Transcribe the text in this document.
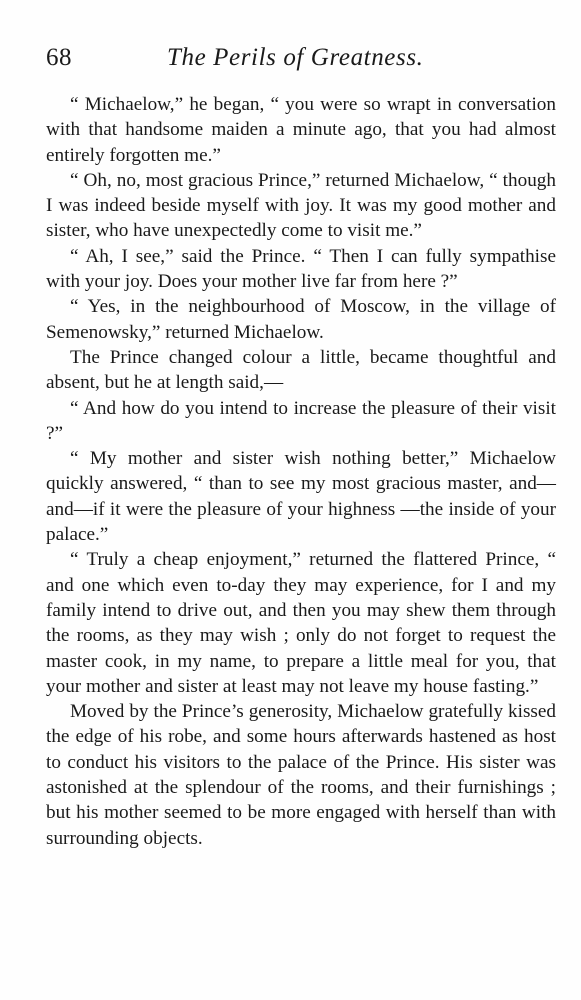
68	The Perils of Greatness.

“ Michaelow,” he began, “ you were so wrapt in conversation with that handsome maiden a minute ago, that you had almost entirely forgotten me.”

“ Oh, no, most gracious Prince,” returned Michaelow, “ though I was indeed beside myself with joy. It was my good mother and sister, who have unexpectedly come to visit me.”

“ Ah, I see,” said the Prince. “ Then I can fully sympathise with your joy. Does your mother live far from here ?”

“ Yes, in the neighbourhood of Moscow, in the village of Semenowsky,” returned Michaelow.

The Prince changed colour a little, became thoughtful and absent, but he at length said,—

“ And how do you intend to increase the pleasure of their visit ?”

“ My mother and sister wish nothing better,” Michaelow quickly answered, “ than to see my most gracious master, and—and—if it were the pleasure of your highness —the inside of your palace.”

“ Truly a cheap enjoyment,” returned the flattered Prince, “ and one which even to-day they may experience, for I and my family intend to drive out, and then you may shew them through the rooms, as they may wish ; only do not forget to request the master cook, in my name, to prepare a little meal for you, that your mother and sister at least may not leave my house fasting.”

Moved by the Prince’s generosity, Michaelow gratefully kissed the edge of his robe, and some hours afterwards hastened as host to conduct his visitors to the palace of the Prince. His sister was astonished at the splendour of the rooms, and their furnishings ; but his mother seemed to be more engaged with herself than with surrounding objects.
